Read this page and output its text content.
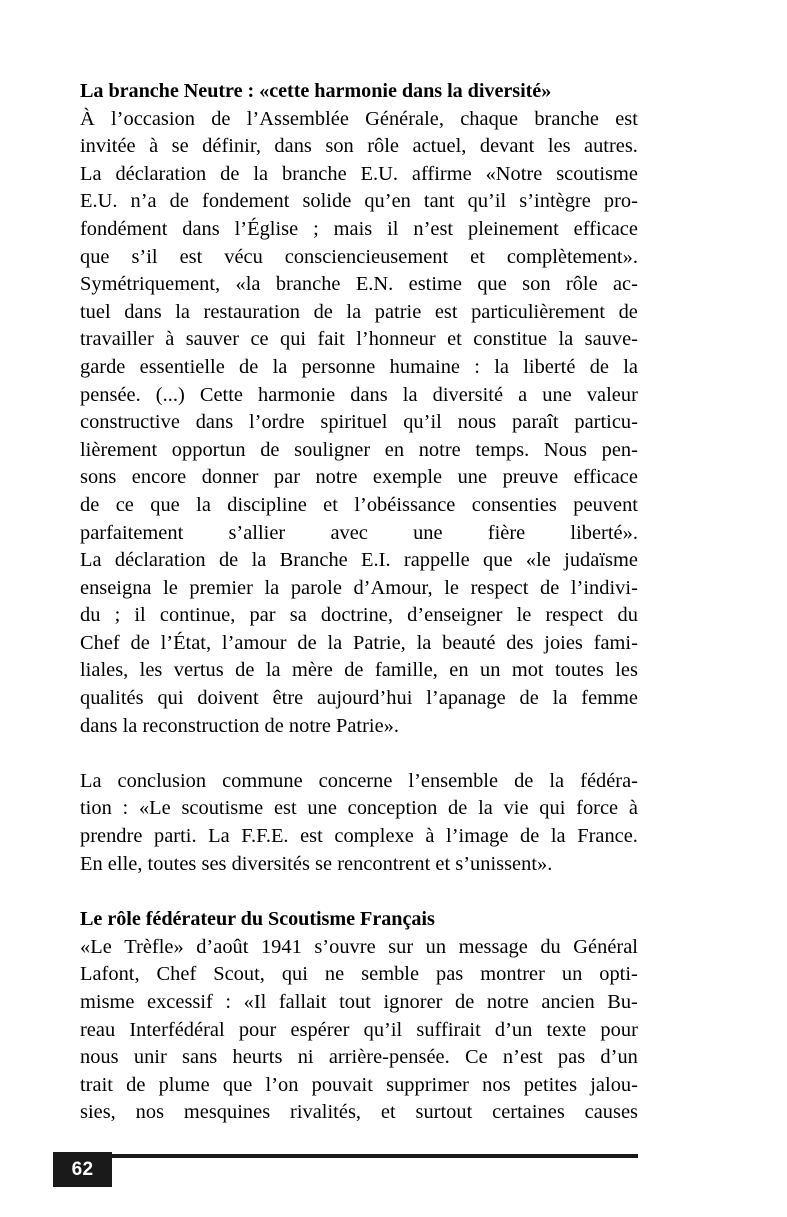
La branche Neutre : «cette harmonie dans la diversité»
À l’occasion de l’Assemblée Générale, chaque branche est
invitée à se définir, dans son rôle actuel, devant les autres.
La déclaration de la branche E.U. affirme «Notre scoutisme
E.U. n’a de fondement solide qu’en tant qu’il s’intègre pro-
fondément dans l’Église ; mais il n’est pleinement efficace
que s’il est vécu consciencieusement et complètement».
Symétriquement, «la branche E.N. estime que son rôle ac-
tuel dans la restauration de la patrie est particulièrement de
travailler à sauver ce qui fait l’honneur et constitue la sauve-
garde essentielle de la personne humaine : la liberté de la
pensée. (...) Cette harmonie dans la diversité a une valeur
constructive dans l’ordre spirituel qu’il nous paraît particu-
lièrement opportun de souligner en notre temps. Nous pen-
sons encore donner par notre exemple une preuve efficace
de ce que la discipline et l’obéissance consenties peuvent
parfaitement s’allier avec une fière liberté».
La déclaration de la Branche E.I. rappelle que «le judaïsme
enseigna le premier la parole d’Amour, le respect de l’indivi-
du ; il continue, par sa doctrine, d’enseigner le respect du
Chef de l’État, l’amour de la Patrie, la beauté des joies fami-
liales, les vertus de la mère de famille, en un mot toutes les
qualités qui doivent être aujourd’hui l’apanage de la femme
dans la reconstruction de notre Patrie».
La conclusion commune concerne l’ensemble de la fédéra-
tion : «Le scoutisme est une conception de la vie qui force à
prendre parti. La F.F.E. est complexe à l’image de la France.
En elle, toutes ses diversités se rencontrent et s’unissent».
Le rôle fédérateur du Scoutisme Français
«Le Trèfle» d’août 1941 s’ouvre sur un message du Général
Lafont, Chef Scout, qui ne semble pas montrer un opti-
misme excessif : «Il fallait tout ignorer de notre ancien Bu-
reau Interfédéral pour espérer qu’il suffirait d’un texte pour
nous unir sans heurts ni arrière-pensée. Ce n’est pas d’un
trait de plume que l’on pouvait supprimer nos petites jalou-
sies, nos mesquines rivalités, et surtout certaines causes
62
